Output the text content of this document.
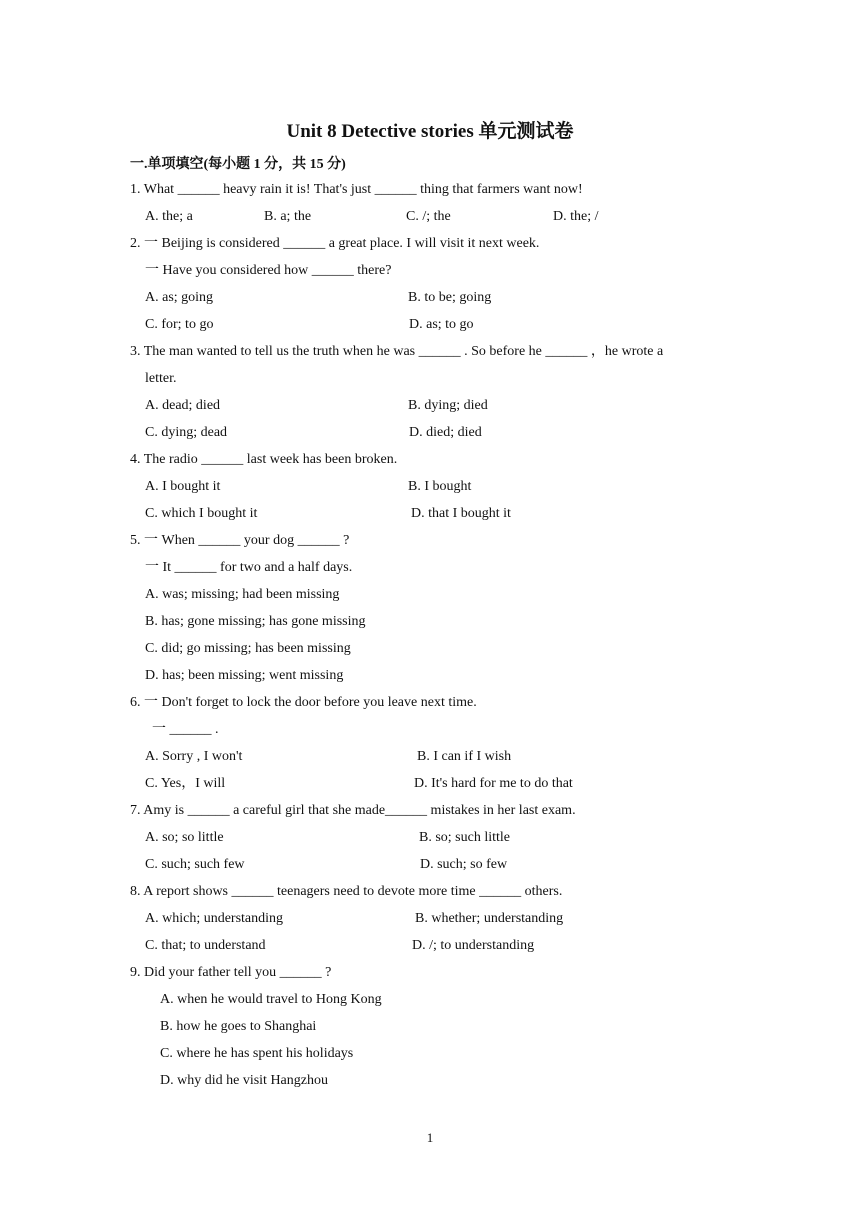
Unit 8 Detective stories 单元测试卷
一.单项填空(每小题 1 分，共 15 分)
1. What ______ heavy rain it is! That's just ______ thing that farmers want now!
A. the; a	B. a; the	C. /; the	D. the; /
2. 一 Beijing is considered ______ a great place. I will visit it next week.
一 Have you considered how ______ there?
A. as; going	B. to be; going
C. for; to go	D. as; to go
3. The man wanted to tell us the truth when he was ______ . So before he ______ ，he wrote a
letter.
A. dead; died	B. dying; died
C. dying; dead	D. died; died
4. The radio ______ last week has been broken.
A. I bought it	B. I bought
C. which I bought it	D. that I bought it
5. 一 When ______ your dog ______ ?
一 It ______ for two and a half days.
A. was; missing; had been missing
B. has; gone missing; has gone missing
C. did; go missing; has been missing
D. has; been missing; went missing
6. 一 Don't forget to lock the door before you leave next time.
一 ______ .
A. Sorry , I won't	B. I can if I wish
C. Yes，I will	D. It's hard for me to do that
7. Amy is ______ a careful girl that she made______ mistakes in her last exam.
A. so; so little	B. so; such little
C. such; such few	D. such; so few
8. A report shows ______ teenagers need to devote more time ______ others.
A. which; understanding	B. whether; understanding
C. that; to understand	D. /; to understanding
9. Did your father tell you ______ ?
A. when he would travel to Hong Kong
B. how he goes to Shanghai
C. where he has spent his holidays
D. why did he visit Hangzhou
1
